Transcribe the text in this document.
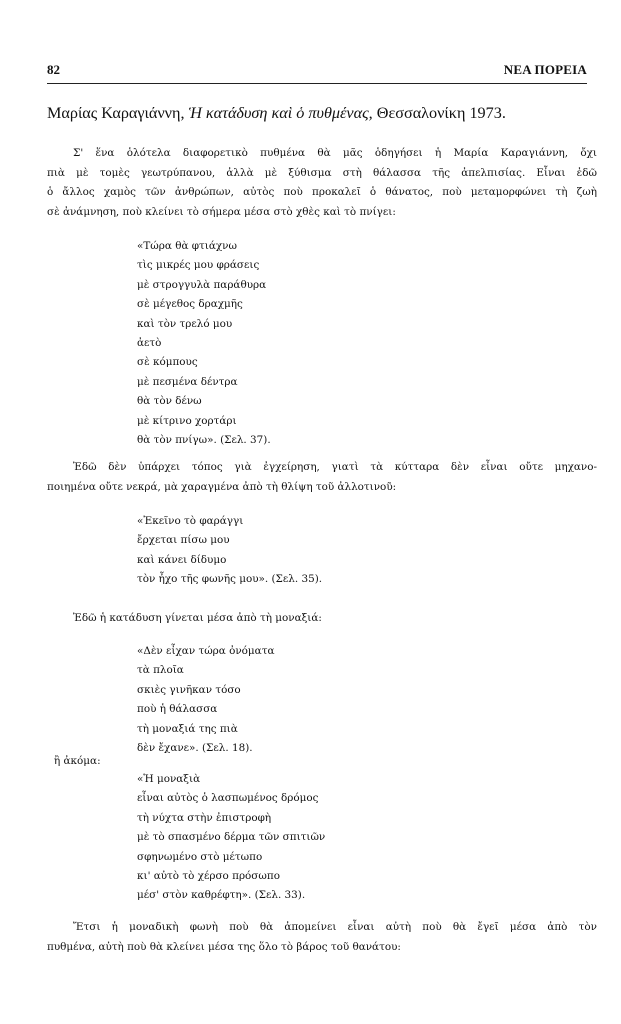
82	ΝΕΑ ΠΟΡΕΙΑ
Μαρίας Καραγιάννη, Ἡ κατάδυση καὶ ὁ πυθμένας, Θεσσαλονίκη 1973.
Σ' ἕνα ὁλότελα διαφορετικὸ πυθμένα θὰ μᾶς ὁδηγήσει ἡ Μαρία Καραγιάννη, ὄχι
πιὰ μὲ τομὲς γεωτρύπανου, ἀλλὰ μὲ ξύθισμα στὴ θάλασσα τῆς ἀπελπισίας. Εἶναι ἐδῶ
ὁ ἄλλος χαμὸς τῶν ἀνθρώπων, αὐτὸς ποὺ προκαλεῖ ὁ θάνατος, ποὺ μεταμορφώνει τὴ ζωὴ
σὲ ἀνάμνηση, ποὺ κλείνει τὸ σήμερα μέσα στὸ χθὲς καὶ τὸ πνίγει:
«Τώρα θὰ φτιάχνω
τὶς μικρές μου φράσεις
μὲ στρογγυλὰ παράθυρα
σὲ μέγεθος δραχμῆς
καὶ τὸν τρελό μου
ἀετὸ
σὲ κόμπους
μὲ πεσμένα δέντρα
θὰ τὸν δένω
μὲ κίτρινο χορτάρι
θὰ τὸν πνίγω». (Σελ. 37).
Ἐδῶ δὲν ὑπάρχει τόπος γιὰ ἐγχείρηση, γιατὶ τὰ κύτταρα δὲν εἶναι οὔτε μηχανο-
ποιημένα οὔτε νεκρά, μὰ χαραγμένα ἀπὸ τὴ θλίψη τοῦ ἀλλοτινοῦ:
«Ἐκεῖνο τὸ φαράγγι
ἔρχεται πίσω μου
καὶ κάνει δίδυμο
τὸν ἦχο τῆς φωνῆς μου». (Σελ. 35).
Ἐδῶ ἡ κατάδυση γίνεται μέσα ἀπὸ τὴ μοναξιά:
«Δὲν εἶχαν τώρα ὀνόματα
τὰ πλοῖα
σκιὲς γινῆκαν τόσο
ποὺ ἡ θάλασσα
τὴ μοναξιά της πιὰ
δὲν ἔχανε». (Σελ. 18).
ἢ ἀκόμα:
«Ἡ μοναξιὰ
εἶναι αὐτὸς ὁ λασπωμένος δρόμος
τὴ νύχτα στὴν ἐπιστροφὴ
μὲ τὸ σπασμένο δέρμα τῶν σπιτιῶν
σφηνωμένο στὸ μέτωπο
κι' αὐτὸ τὸ χέρσο πρόσωπο
μέσ' στὸν καθρέφτη». (Σελ. 33).
Ἔτσι ἡ μοναδικὴ φωνὴ ποὺ θὰ ἀπομείνει εἶναι αὐτὴ ποὺ θὰ ἔγεῖ μέσα ἀπὸ τὸν
πυθμένα, αὐτὴ ποὺ θὰ κλείνει μέσα της ὅλο τὸ βάρος τοῦ θανάτου:
